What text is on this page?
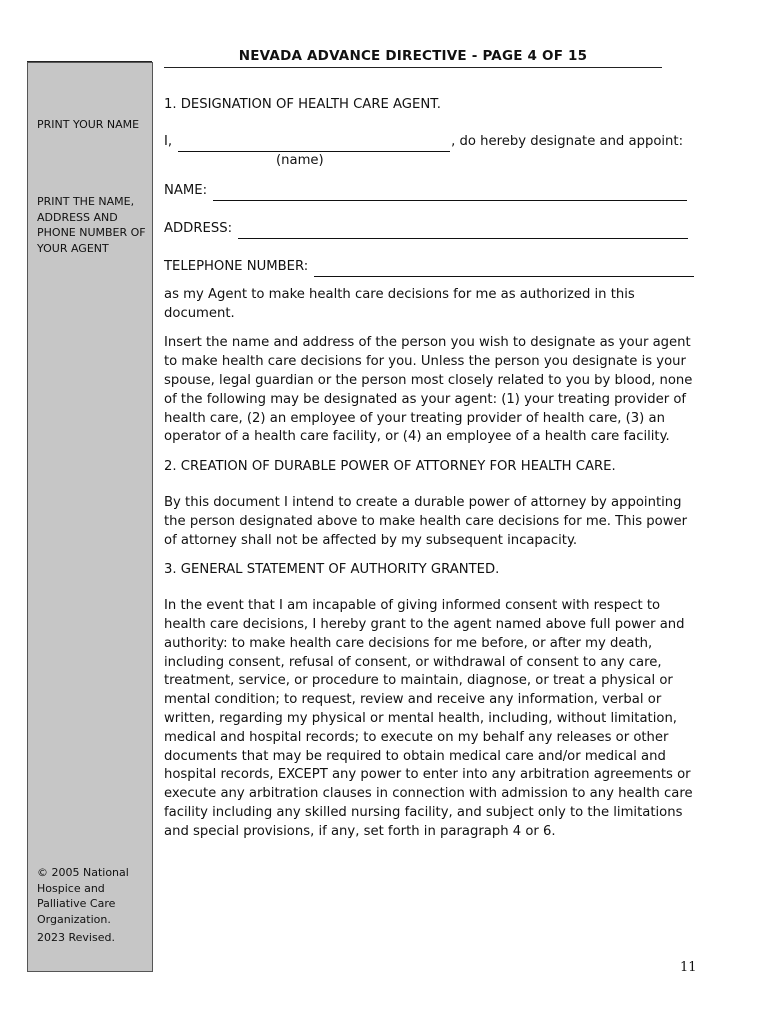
NEVADA ADVANCE DIRECTIVE - PAGE 4 OF 15
PRINT YOUR NAME
PRINT THE NAME, ADDRESS AND PHONE NUMBER OF YOUR AGENT
© 2005 National Hospice and Palliative Care Organization.
2023 Revised.

1. DESIGNATION OF HEALTH CARE AGENT.

I,	, do hereby designate and appoint:
(name)
NAME:
ADDRESS:
TELEPHONE NUMBER:

as my Agent to make health care decisions for me as authorized in this document.

Insert the name and address of the person you wish to designate as your agent to make health care decisions for you. Unless the person you designate is your spouse, legal guardian or the person most closely related to you by blood, none of the following may be designated as your agent: (1) your treating provider of health care, (2) an employee of your treating provider of health care, (3) an operator of a health care facility, or (4) an employee of a health care facility.

2. CREATION OF DURABLE POWER OF ATTORNEY FOR HEALTH CARE.

By this document I intend to create a durable power of attorney by appointing the person designated above to make health care decisions for me. This power of attorney shall not be affected by my subsequent incapacity.

3. GENERAL STATEMENT OF AUTHORITY GRANTED.

In the event that I am incapable of giving informed consent with respect to health care decisions, I hereby grant to the agent named above full power and authority: to make health care decisions for me before, or after my death, including consent, refusal of consent, or withdrawal of consent to any care, treatment, service, or procedure to maintain, diagnose, or treat a physical or mental condition; to request, review and receive any information, verbal or written, regarding my physical or mental health, including, without limitation, medical and hospital records; to execute on my behalf any releases or other documents that may be required to obtain medical care and/or medical and hospital records, EXCEPT any power to enter into any arbitration agreements or execute any arbitration clauses in connection with admission to any health care facility including any skilled nursing facility, and subject only to the limitations and special provisions, if any, set forth in paragraph 4 or 6.

11
